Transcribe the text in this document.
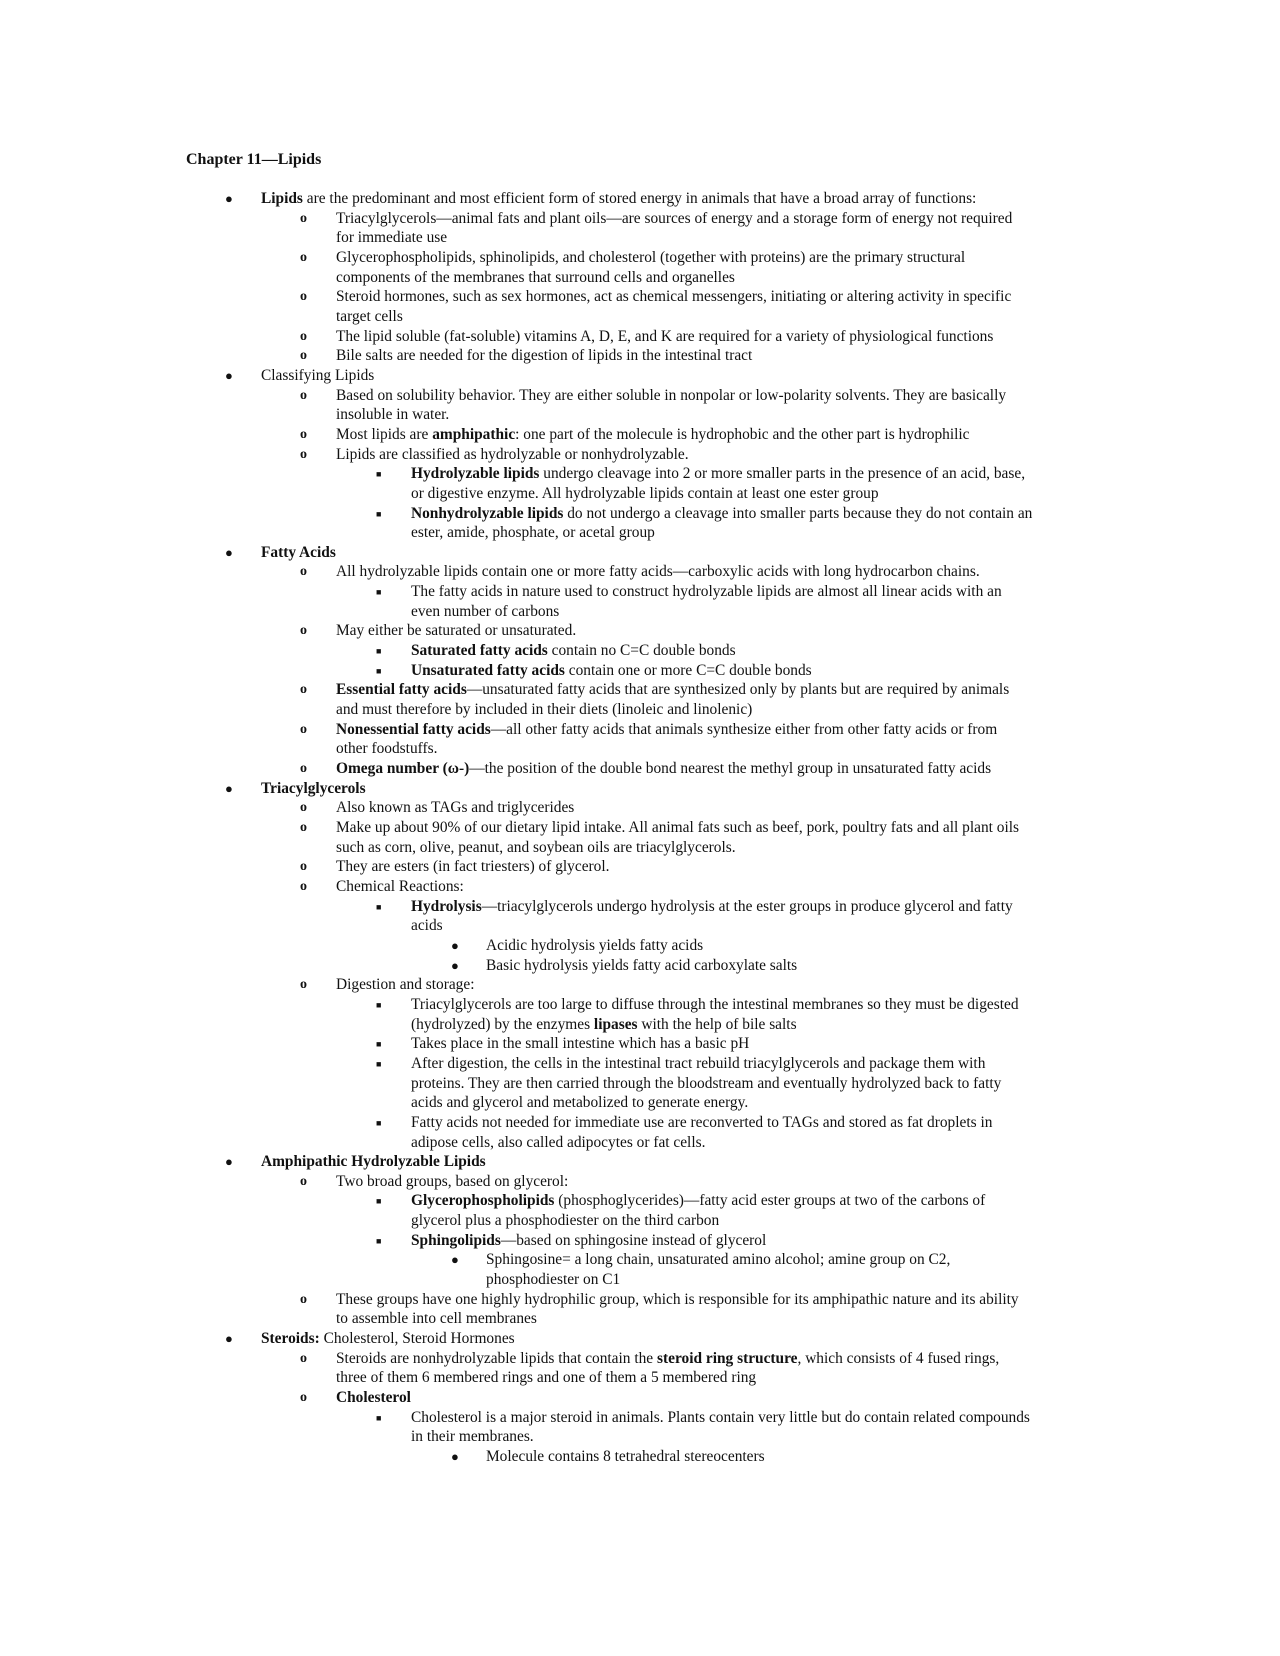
Chapter 11—Lipids
● Lipids are the predominant and most efficient form of stored energy in animals that have a broad array of functions:
o Triacylglycerols—animal fats and plant oils—are sources of energy and a storage form of energy not required
for immediate use
o Glycerophospholipids, sphinolipids, and cholesterol (together with proteins) are the primary structural
components of the membranes that surround cells and organelles
o Steroid hormones, such as sex hormones, act as chemical messengers, initiating or altering activity in specific
target cells
o The lipid soluble (fat-soluble) vitamins A, D, E, and K are required for a variety of physiological functions
o Bile salts are needed for the digestion of lipids in the intestinal tract
● Classifying Lipids
o Based on solubility behavior. They are either soluble in nonpolar or low-polarity solvents. They are basically
insoluble in water.
o Most lipids are amphipathic: one part of the molecule is hydrophobic and the other part is hydrophilic
o Lipids are classified as hydrolyzable or nonhydrolyzable.
■ Hydrolyzable lipids undergo cleavage into 2 or more smaller parts in the presence of an acid, base,
or digestive enzyme. All hydrolyzable lipids contain at least one ester group
■ Nonhydrolyzable lipids do not undergo a cleavage into smaller parts because they do not contain an
ester, amide, phosphate, or acetal group
● Fatty Acids
o All hydrolyzable lipids contain one or more fatty acids—carboxylic acids with long hydrocarbon chains.
■ The fatty acids in nature used to construct hydrolyzable lipids are almost all linear acids with an
even number of carbons
o May either be saturated or unsaturated.
■ Saturated fatty acids contain no C=C double bonds
■ Unsaturated fatty acids contain one or more C=C double bonds
o Essential fatty acids—unsaturated fatty acids that are synthesized only by plants but are required by animals
and must therefore by included in their diets (linoleic and linolenic)
o Nonessential fatty acids—all other fatty acids that animals synthesize either from other fatty acids or from
other foodstuffs.
o Omega number (ω-)—the position of the double bond nearest the methyl group in unsaturated fatty acids
● Triacylglycerols
o Also known as TAGs and triglycerides
o Make up about 90% of our dietary lipid intake. All animal fats such as beef, pork, poultry fats and all plant oils
such as corn, olive, peanut, and soybean oils are triacylglycerols.
o They are esters (in fact triesters) of glycerol.
o Chemical Reactions:
■ Hydrolysis—triacylglycerols undergo hydrolysis at the ester groups in produce glycerol and fatty
acids
● Acidic hydrolysis yields fatty acids
● Basic hydrolysis yields fatty acid carboxylate salts
o Digestion and storage:
■ Triacylglycerols are too large to diffuse through the intestinal membranes so they must be digested
(hydrolyzed) by the enzymes lipases with the help of bile salts
■ Takes place in the small intestine which has a basic pH
■ After digestion, the cells in the intestinal tract rebuild triacylglycerols and package them with
proteins. They are then carried through the bloodstream and eventually hydrolyzed back to fatty
acids and glycerol and metabolized to generate energy.
■ Fatty acids not needed for immediate use are reconverted to TAGs and stored as fat droplets in
adipose cells, also called adipocytes or fat cells.
● Amphipathic Hydrolyzable Lipids
o Two broad groups, based on glycerol:
■ Glycerophospholipids (phosphoglycerides)—fatty acid ester groups at two of the carbons of
glycerol plus a phosphodiester on the third carbon
■ Sphingolipids—based on sphingosine instead of glycerol
● Sphingosine= a long chain, unsaturated amino alcohol; amine group on C2,
phosphodiester on C1
o These groups have one highly hydrophilic group, which is responsible for its amphipathic nature and its ability
to assemble into cell membranes
● Steroids: Cholesterol, Steroid Hormones
o Steroids are nonhydrolyzable lipids that contain the steroid ring structure, which consists of 4 fused rings,
three of them 6 membered rings and one of them a 5 membered ring
o Cholesterol
■ Cholesterol is a major steroid in animals. Plants contain very little but do contain related compounds
in their membranes.
● Molecule contains 8 tetrahedral stereocenters
